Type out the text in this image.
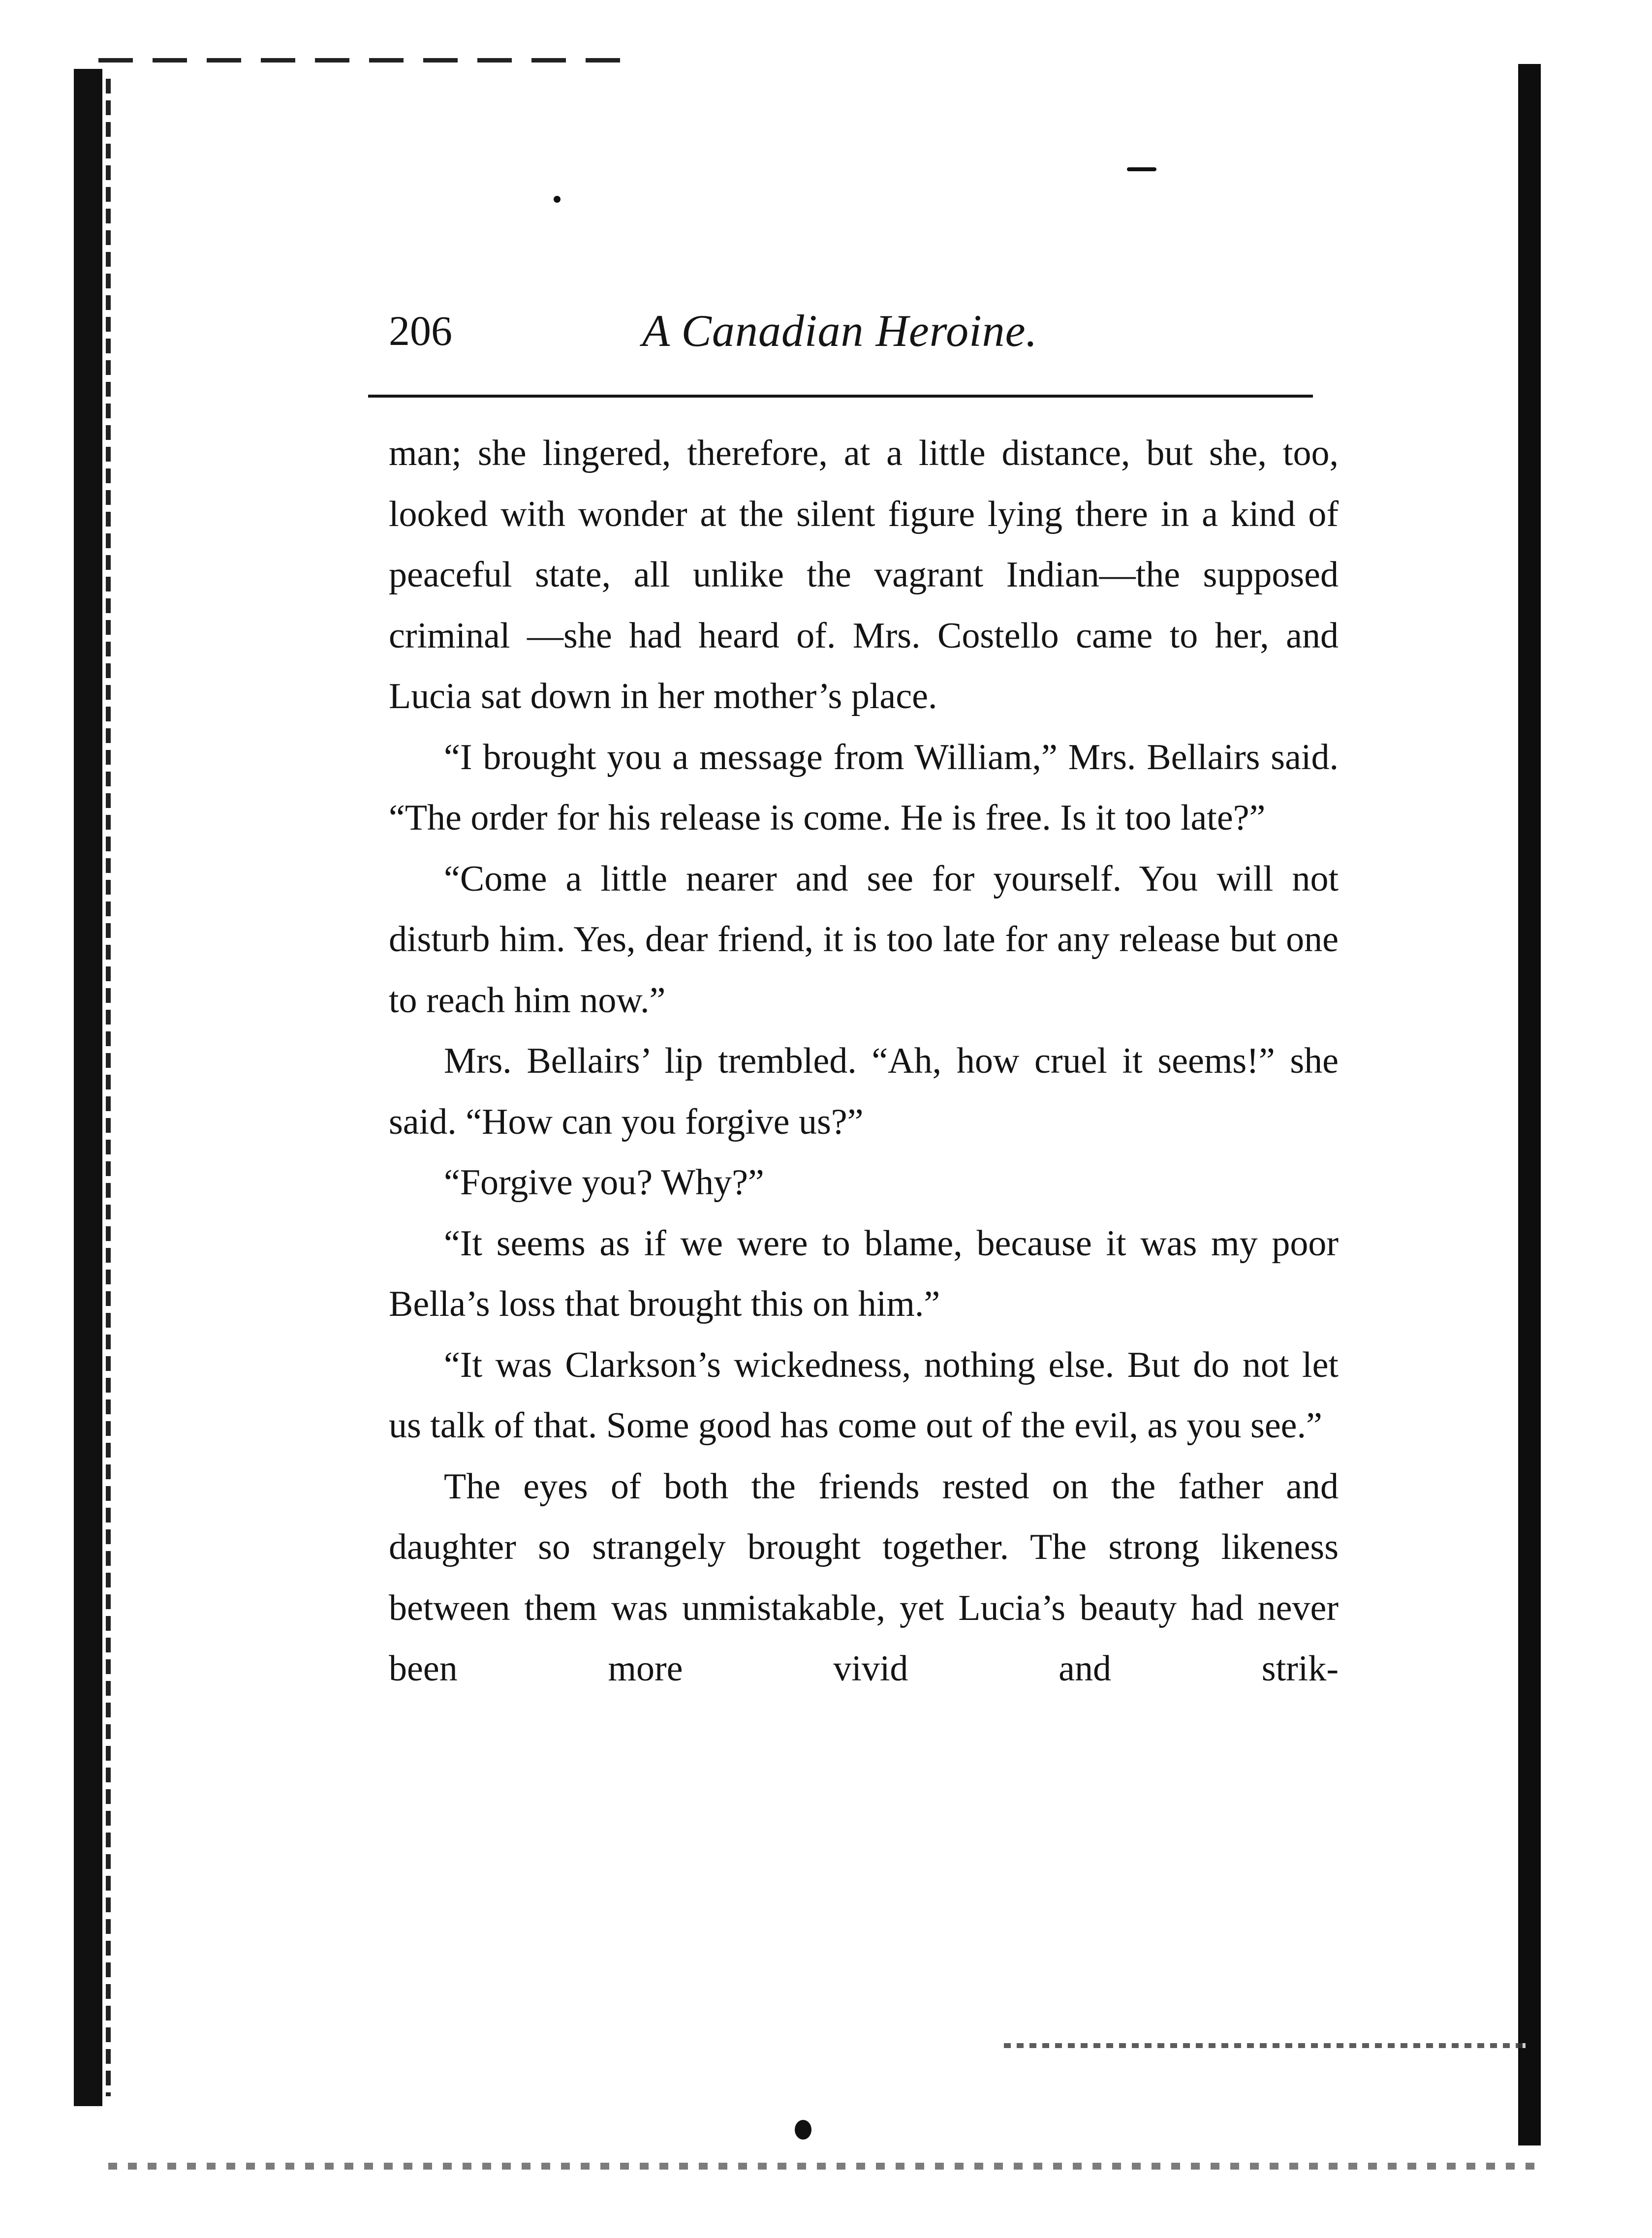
206	A Canadian Heroine.

man; she lingered, therefore, at a little distance, but she, too, looked with wonder at the silent figure lying there in a kind of peaceful state, all unlike the vagrant Indian—the supposed criminal —she had heard of. Mrs. Costello came to her, and Lucia sat down in her mother’s place.

“I brought you a message from William,” Mrs. Bellairs said. “The order for his release is come. He is free. Is it too late?”

“Come a little nearer and see for yourself. You will not disturb him. Yes, dear friend, it is too late for any release but one to reach him now.”

Mrs. Bellairs’ lip trembled. “Ah, how cruel it seems!” she said. “How can you forgive us?”

“Forgive you? Why?”

“It seems as if we were to blame, because it was my poor Bella’s loss that brought this on him.”

“It was Clarkson’s wickedness, nothing else. But do not let us talk of that. Some good has come out of the evil, as you see.”

The eyes of both the friends rested on the father and daughter so strangely brought together. The strong likeness between them was unmistakable, yet Lucia’s beauty had never been more vivid and strik-
